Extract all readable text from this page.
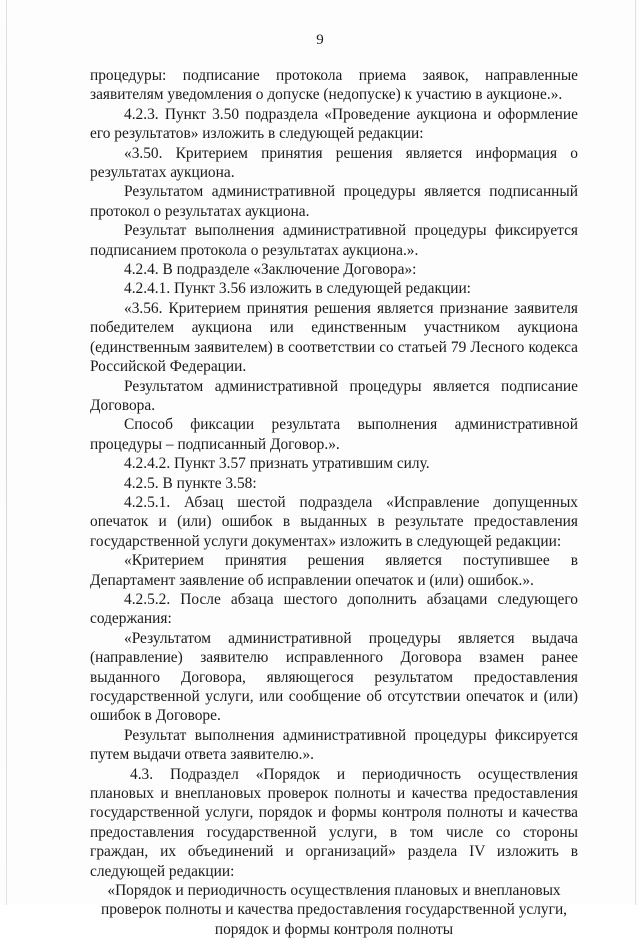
9

процедуры: подписание протокола приема заявок, направленные заявителям уведомления о допуске (недопуске) к участию в аукционе.».

4.2.3. Пункт 3.50 подраздела «Проведение аукциона и оформление его результатов» изложить в следующей редакции:

«3.50. Критерием принятия решения является информация о результатах аукциона.

Результатом административной процедуры является подписанный протокол о результатах аукциона.

Результат выполнения административной процедуры фиксируется подписанием протокола о результатах аукциона.».

4.2.4. В подразделе «Заключение Договора»:

4.2.4.1. Пункт 3.56 изложить в следующей редакции:

«3.56. Критерием принятия решения является признание заявителя победителем аукциона или единственным участником аукциона (единственным заявителем) в соответствии со статьей 79 Лесного кодекса Российской Федерации.

Результатом административной процедуры является подписание Договора.

Способ фиксации результата выполнения административной процедуры – подписанный Договор.».

4.2.4.2. Пункт 3.57 признать утратившим силу.

4.2.5. В пункте 3.58:

4.2.5.1. Абзац шестой подраздела «Исправление допущенных опечаток и (или) ошибок в выданных в результате предоставления государственной услуги документах» изложить в следующей редакции:

«Критерием принятия решения является поступившее в Департамент заявление об исправлении опечаток и (или) ошибок.».

4.2.5.2. После абзаца шестого дополнить абзацами следующего содержания:

«Результатом административной процедуры является выдача (направление) заявителю исправленного Договора взамен ранее выданного Договора, являющегося результатом предоставления государственной услуги, или сообщение об отсутствии опечаток и (или) ошибок в Договоре.

Результат выполнения административной процедуры фиксируется путем выдачи ответа заявителю.».

4.3. Подраздел «Порядок и периодичность осуществления плановых и внеплановых проверок полноты и качества предоставления государственной услуги, порядок и формы контроля полноты и качества предоставления государственной услуги, в том числе со стороны граждан, их объединений и организаций» раздела IV изложить в следующей редакции:

«Порядок и периодичность осуществления плановых и внеплановых проверок полноты и качества предоставления государственной услуги, порядок и формы контроля полноты
